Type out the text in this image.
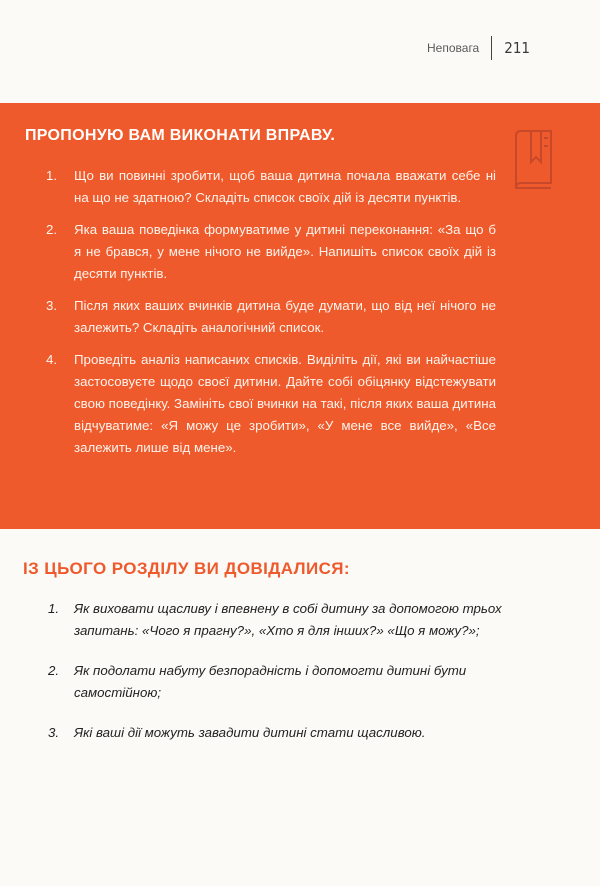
Неповага 211
ПРОПОНУЮ ВАМ ВИКОНАТИ ВПРАВУ.
1. Що ви повинні зробити, щоб ваша дитина почала вважати себе ні на що не здатною? Складіть список своїх дій із десяти пунктів.
2. Яка ваша поведінка формуватиме у дитині переконання: «За що б я не брався, у мене нічого не вийде». Напишіть список своїх дій із десяти пунктів.
3. Після яких ваших вчинків дитина буде думати, що від неї нічого не залежить? Складіть аналогічний список.
4. Проведіть аналіз написаних списків. Виділіть дії, які ви найчастіше застосовуєте щодо своєї дитини. Дайте собі обіцянку відстежувати свою поведінку. Замініть свої вчинки на такі, після яких ваша дитина відчуватиме: «Я можу це зробити», «У мене все вийде», «Все залежить лише від мене».
ІЗ ЦЬОГО РОЗДІЛУ ВИ ДОВІДАЛИСЯ:
1. Як виховати щасливу і впевнену в собі дитину за допомогою трьох запитань: «Чого я прагну?», «Хто я для інших?» «Що я можу?»;
2. Як подолати набуту безпорадність і допомогти дитині бути самостійною;
3. Які ваші дії можуть завадити дитині стати щасливою.
